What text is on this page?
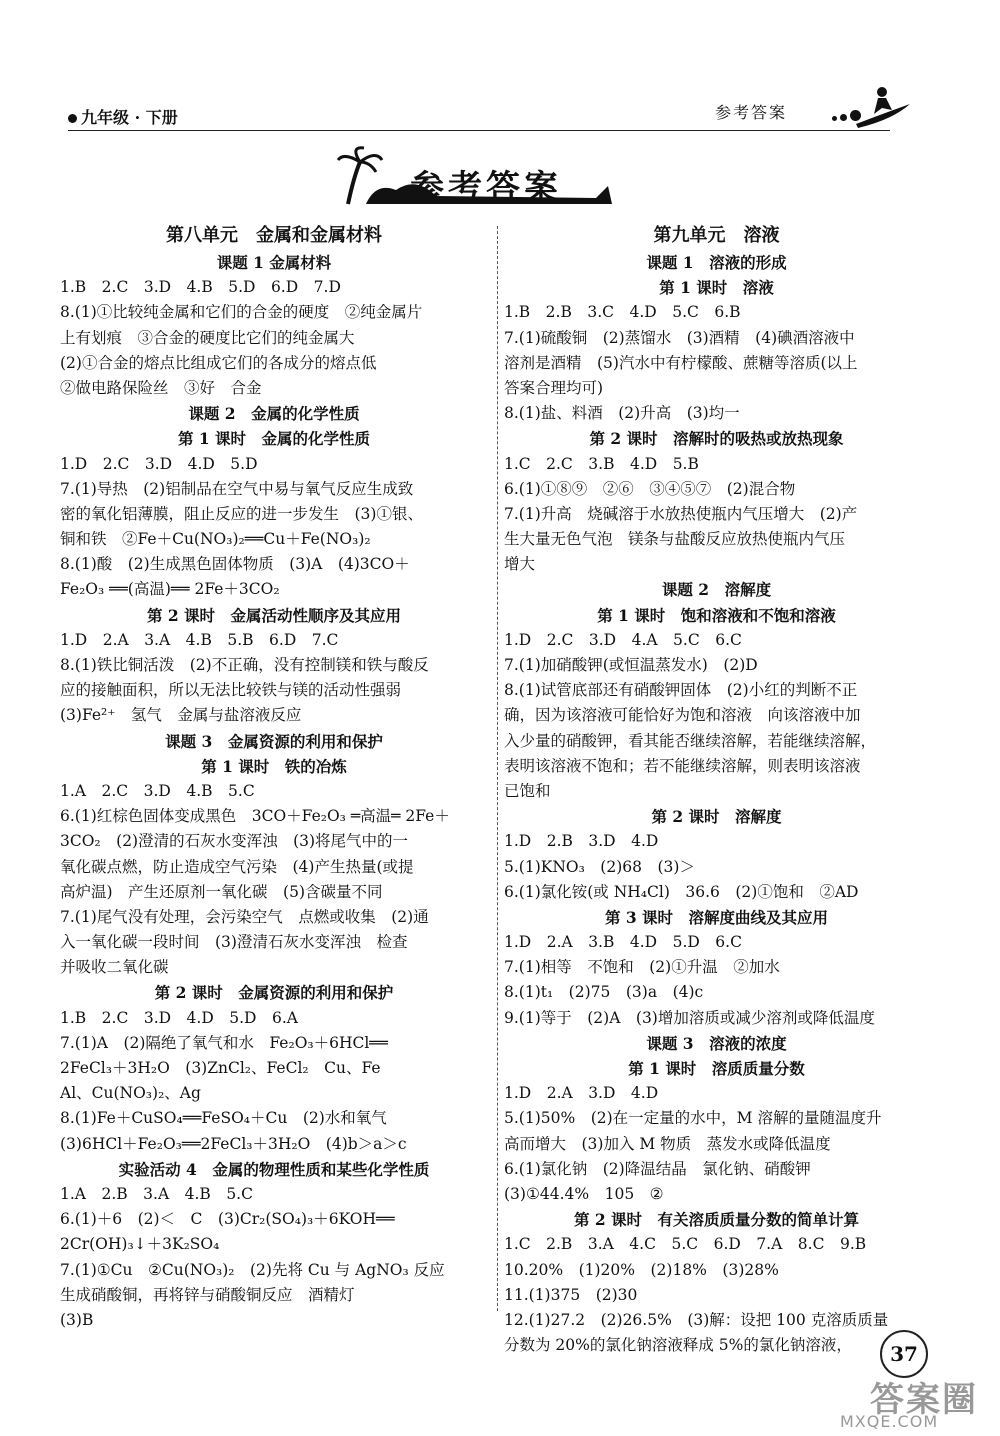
九年级 · 下册	参考答案
参考答案
第八单元　金属和金属材料
课题 1 金属材料
1.B　2.C　3.D　4.B　5.D　6.D　7.D
8.(1)①比较纯金属和它们的合金的硬度　②纯金属片
上有划痕　③合金的硬度比它们的纯金属大
(2)①合金的熔点比组成它们的各成分的熔点低
②做电路保险丝　③好　合金
课题 2　金属的化学性质
第 1 课时　金属的化学性质
1.D　2.C　3.D　4.D　5.D
7.(1)导热　(2)铝制品在空气中易与氧气反应生成致
密的氧化铝薄膜，阻止反应的进一步发生　(3)①银、
铜和铁　②Fe＋Cu(NO₃)₂══Cu＋Fe(NO₃)₂
8.(1)酸　(2)生成黑色固体物质　(3)A　(4)3CO＋
Fe₂O₃ ══(高温)══ 2Fe＋3CO₂
第 2 课时　金属活动性顺序及其应用
1.D　2.A　3.A　4.B　5.B　6.D　7.C
8.(1)铁比铜活泼　(2)不正确，没有控制镁和铁与酸反
应的接触面积，所以无法比较铁与镁的活动性强弱
(3)Fe²⁺　氢气　金属与盐溶液反应
课题 3　金属资源的利用和保护
第 1 课时　铁的冶炼
1.A　2.C　3.D　4.B　5.C
6.(1)红棕色固体变成黑色　3CO＋Fe₂O₃ ═高温═ 2Fe＋
3CO₂　(2)澄清的石灰水变浑浊　(3)将尾气中的一
氧化碳点燃，防止造成空气污染　(4)产生热量(或提
高炉温)　产生还原剂一氧化碳　(5)含碳量不同
7.(1)尾气没有处理，会污染空气　点燃或收集　(2)通
入一氧化碳一段时间　(3)澄清石灰水变浑浊　检查
并吸收二氧化碳
第 2 课时　金属资源的利用和保护
1.B　2.C　3.D　4.D　5.D　6.A
7.(1)A　(2)隔绝了氧气和水　Fe₂O₃＋6HCl══
2FeCl₃＋3H₂O　(3)ZnCl₂、FeCl₂　Cu、Fe
Al、Cu(NO₃)₂、Ag
8.(1)Fe＋CuSO₄══FeSO₄＋Cu　(2)水和氧气
(3)6HCl＋Fe₂O₃══2FeCl₃＋3H₂O　(4)b＞a＞c
实验活动 4　金属的物理性质和某些化学性质
1.A　2.B　3.A　4.B　5.C
6.(1)＋6　(2)＜　C　(3)Cr₂(SO₄)₃＋6KOH══
2Cr(OH)₃↓＋3K₂SO₄
7.(1)①Cu　②Cu(NO₃)₂　(2)先将 Cu 与 AgNO₃ 反应
生成硝酸铜，再将锌与硝酸铜反应　酒精灯
(3)B
第九单元　溶液
课题 1　溶液的形成
第 1 课时　溶液
1.B　2.B　3.C　4.D　5.C　6.B
7.(1)硫酸铜　(2)蒸馏水　(3)酒精　(4)碘酒溶液中
溶剂是酒精　(5)汽水中有柠檬酸、蔗糖等溶质(以上
答案合理均可)
8.(1)盐、料酒　(2)升高　(3)均一
第 2 课时　溶解时的吸热或放热现象
1.C　2.C　3.B　4.D　5.B
6.(1)①⑧⑨　②⑥　③④⑤⑦　(2)混合物
7.(1)升高　烧碱溶于水放热使瓶内气压增大　(2)产
生大量无色气泡　镁条与盐酸反应放热使瓶内气压
增大
课题 2　溶解度
第 1 课时　饱和溶液和不饱和溶液
1.D　2.C　3.D　4.A　5.C　6.C
7.(1)加硝酸钾(或恒温蒸发水)　(2)D
8.(1)试管底部还有硝酸钾固体　(2)小红的判断不正
确，因为该溶液可能恰好为饱和溶液　向该溶液中加
入少量的硝酸钾，看其能否继续溶解，若能继续溶解，
表明该溶液不饱和；若不能继续溶解，则表明该溶液
已饱和
第 2 课时　溶解度
1.D　2.B　3.D　4.D
5.(1)KNO₃　(2)68　(3)＞
6.(1)氯化铵(或 NH₄Cl)　36.6　(2)①饱和　②AD
第 3 课时　溶解度曲线及其应用
1.D　2.A　3.B　4.D　5.D　6.C
7.(1)相等　不饱和　(2)①升温　②加水
8.(1)t₁　(2)75　(3)a　(4)c
9.(1)等于　(2)A　(3)增加溶质或减少溶剂或降低温度
课题 3　溶液的浓度
第 1 课时　溶质质量分数
1.D　2.A　3.D　4.D
5.(1)50%　(2)在一定量的水中，M 溶解的量随温度升
高而增大　(3)加入 M 物质　蒸发水或降低温度
6.(1)氯化钠　(2)降温结晶　氯化钠、硝酸钾
(3)①44.4%　105　②
第 2 课时　有关溶质质量分数的简单计算
1.C　2.B　3.A　4.C　5.C　6.D　7.A　8.C　9.B
10.20%　(1)20%　(2)18%　(3)28%
11.(1)375　(2)30
12.(1)27.2　(2)26.5%　(3)解：设把 100 克溶质质量
分数为 20%的氯化钠溶液释成 5%的氯化钠溶液，	37
答案圈
MXQE.COM
